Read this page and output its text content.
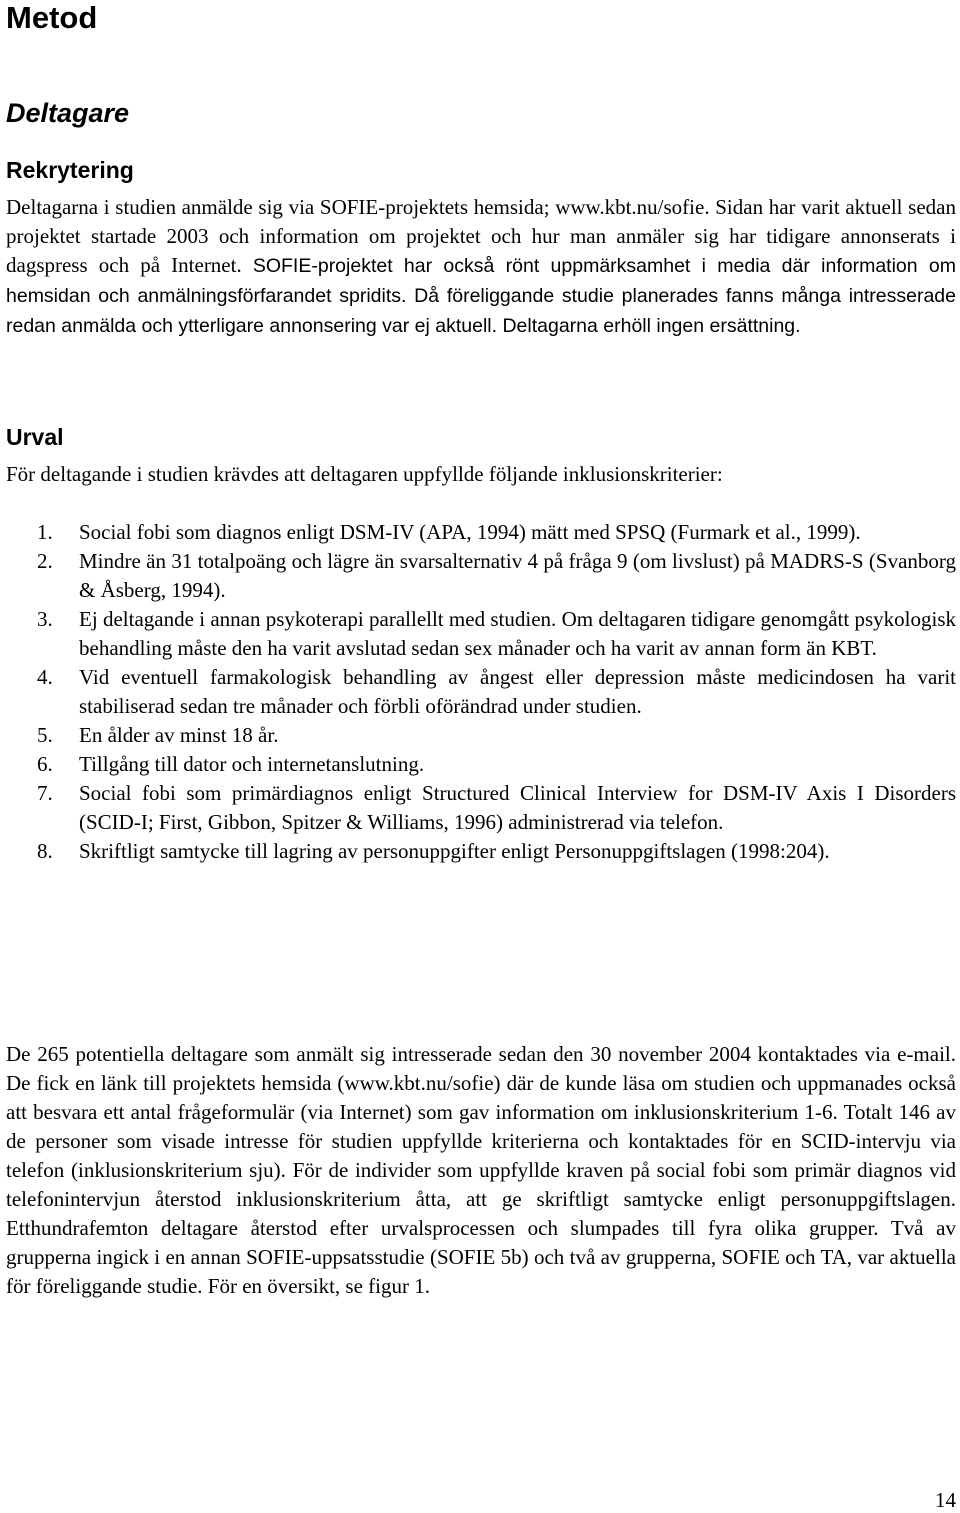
Metod
Deltagare
Rekrytering

Deltagarna i studien anmälde sig via SOFIE-projektets hemsida; www.kbt.nu/sofie. Sidan har varit aktuell sedan projektet startade 2003 och information om projektet och hur man anmäler sig har tidigare annonserats i dagspress och på Internet. SOFIE-projektet har också rönt uppmärksamhet i media där information om hemsidan och anmälningsförfarandet spridits. Då föreliggande studie planerades fanns många intresserade redan anmälda och ytterligare annonsering var ej aktuell. Deltagarna erhöll ingen ersättning.

Urval

För deltagande i studien krävdes att deltagaren uppfyllde följande inklusionskriterier:

1. Social fobi som diagnos enligt DSM-IV (APA, 1994) mätt med SPSQ (Furmark et al., 1999).
2. Mindre än 31 totalpoäng och lägre än svarsalternativ 4 på fråga 9 (om livslust) på MADRS-S (Svanborg & Åsberg, 1994).
3. Ej deltagande i annan psykoterapi parallellt med studien. Om deltagaren tidigare genomgått psykologisk behandling måste den ha varit avslutad sedan sex månader och ha varit av annan form än KBT.
4. Vid eventuell farmakologisk behandling av ångest eller depression måste medicindosen ha varit stabiliserad sedan tre månader och förbli oförändrad under studien.
5. En ålder av minst 18 år.
6. Tillgång till dator och internetanslutning.
7. Social fobi som primärdiagnos enligt Structured Clinical Interview for DSM-IV Axis I Disorders (SCID-I; First, Gibbon, Spitzer & Williams, 1996) administrerad via telefon.
8. Skriftligt samtycke till lagring av personuppgifter enligt Personuppgiftslagen (1998:204).

De 265 potentiella deltagare som anmält sig intresserade sedan den 30 november 2004 kontaktades via e-mail. De fick en länk till projektets hemsida (www.kbt.nu/sofie) där de kunde läsa om studien och uppmanades också att besvara ett antal frågeformulär (via Internet) som gav information om inklusionskriterium 1-6. Totalt 146 av de personer som visade intresse för studien uppfyllde kriterierna och kontaktades för en SCID-intervju via telefon (inklusionskriterium sju). För de individer som uppfyllde kraven på social fobi som primär diagnos vid telefonintervjun återstod inklusionskriterium åtta, att ge skriftligt samtycke enligt personuppgiftslagen. Etthundrafemton deltagare återstod efter urvalsprocessen och slumpades till fyra olika grupper. Två av grupperna ingick i en annan SOFIE-uppsatsstudie (SOFIE 5b) och två av grupperna, SOFIE och TA, var aktuella för föreliggande studie. För en översikt, se figur 1.

14
